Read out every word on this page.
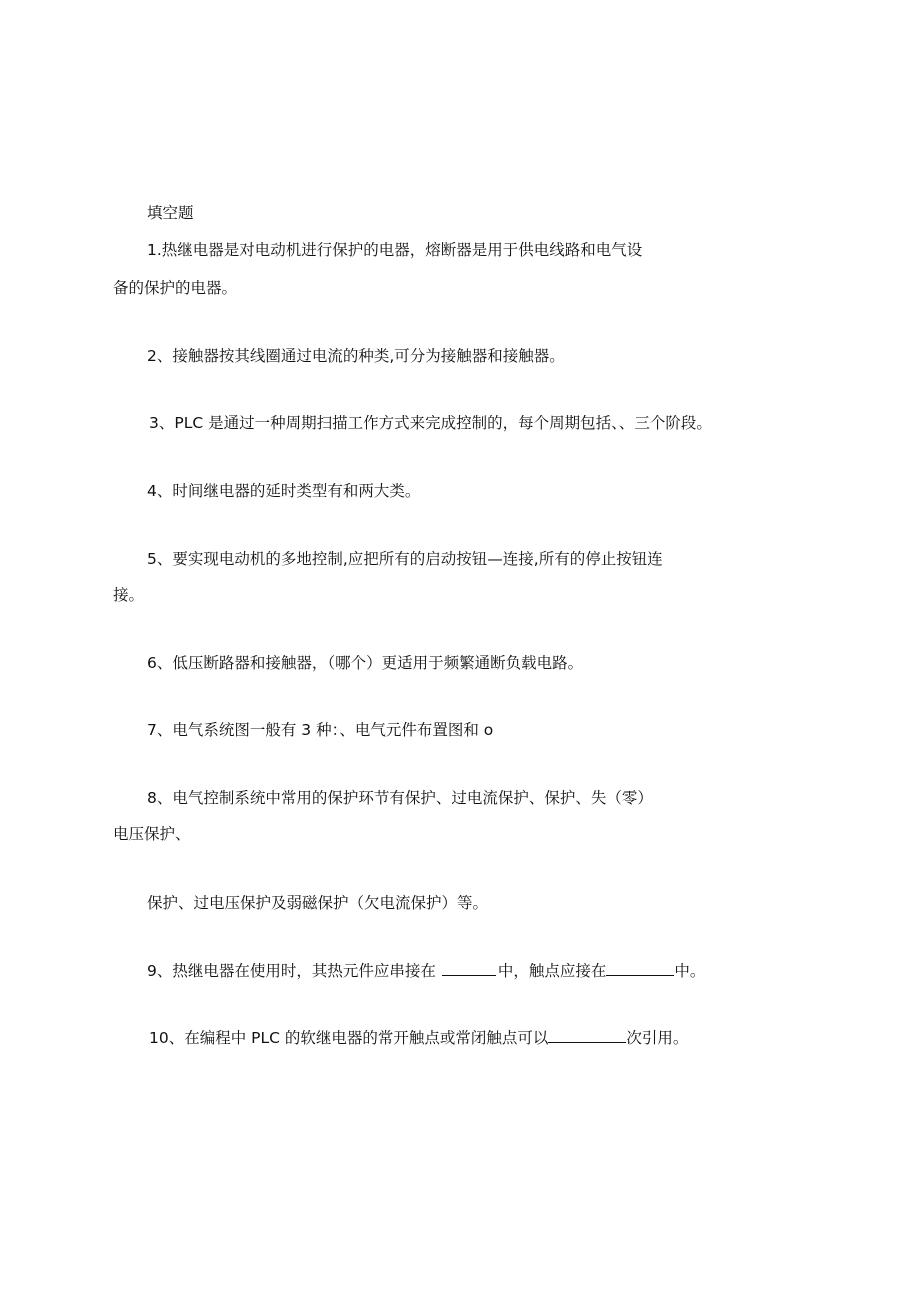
填空题
1.热继电器是对电动机进行保护的电器，熔断器是用于供电线路和电气设
备的保护的电器。
2、接触器按其线圈通过电流的种类,可分为接触器和接触器。
3、PLC 是通过一种周期扫描工作方式来完成控制的，每个周期包括、、三个阶段。
4、时间继电器的延时类型有和两大类。
5、要实现电动机的多地控制,应把所有的启动按钮—连接,所有的停止按钮连
接。
6、低压断路器和接触器，（哪个）更适用于频繁通断负载电路。
7、电气系统图一般有 3 种：、电气元件布置图和 o
8、电气控制系统中常用的保护环节有保护、过电流保护、保护、失（零）
电压保护、
保护、过电压保护及弱磁保护（欠电流保护）等。
9、热继电器在使用时，其热元件应串接在	中，触点应接在	中。
10、在编程中 PLC 的软继电器的常开触点或常闭触点可以	次引用。
